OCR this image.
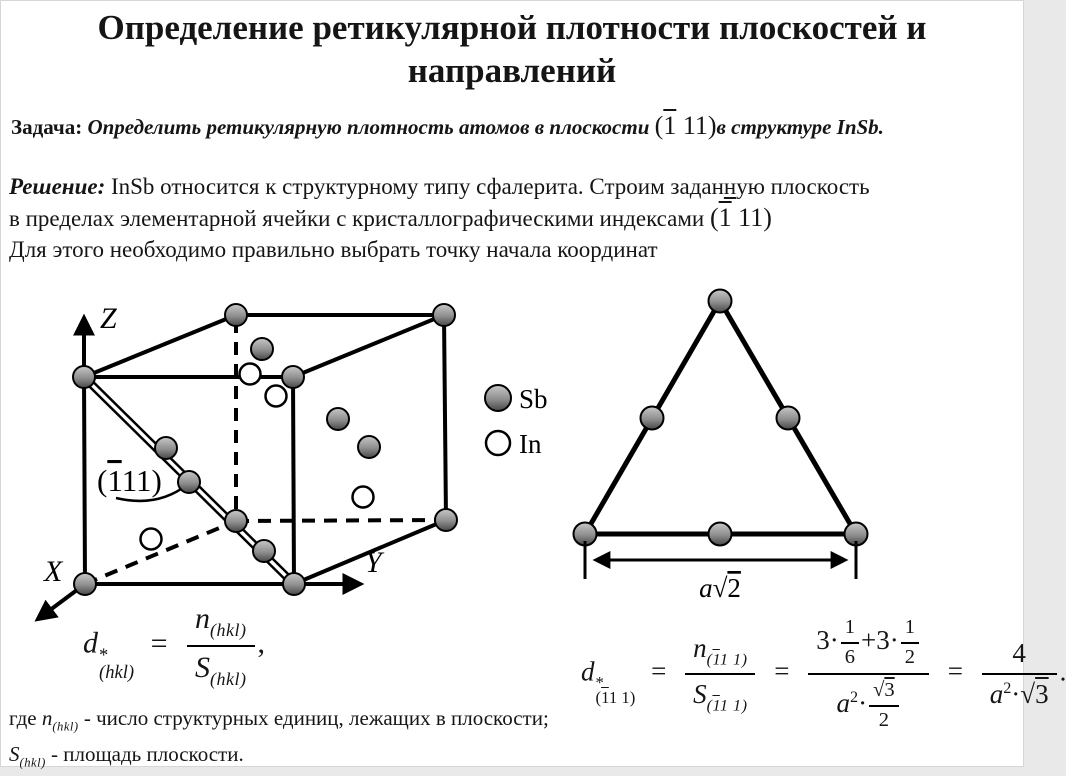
Определение ретикулярной плотности плоскостей и
направлений
Задача: Определить ретикулярную плотность атомов в плоскости (1 11)в структуре InSb.
Решение: InSb относится к структурному типу сфалерита. Строим заданную плоскость
в пределах элементарной ячейки с кристаллографическими индексами (1 11)
Для этого необходимо правильно выбрать точку начала координат
Z
X	Y
(111)
Sb
In
a√2
d *
(hkl)
= $\frac{n_{(hkl)}}{S_{(hkl)}}$ ,
d *
(11 1)
= $\frac{n_{(11 1)}}{S_{(11 1)}} = \frac{3\cdot \frac{1}{6} +3\cdot \frac{1}{2}}{a^2\cdot \frac{√3}{2}} = \frac{4}{a^2\cdot√3}$ .
где $n_{(hkl)}$ - число структурных единиц, лежащих в плоскости;
$S_{(hkl)}$ - площадь плоскости.
